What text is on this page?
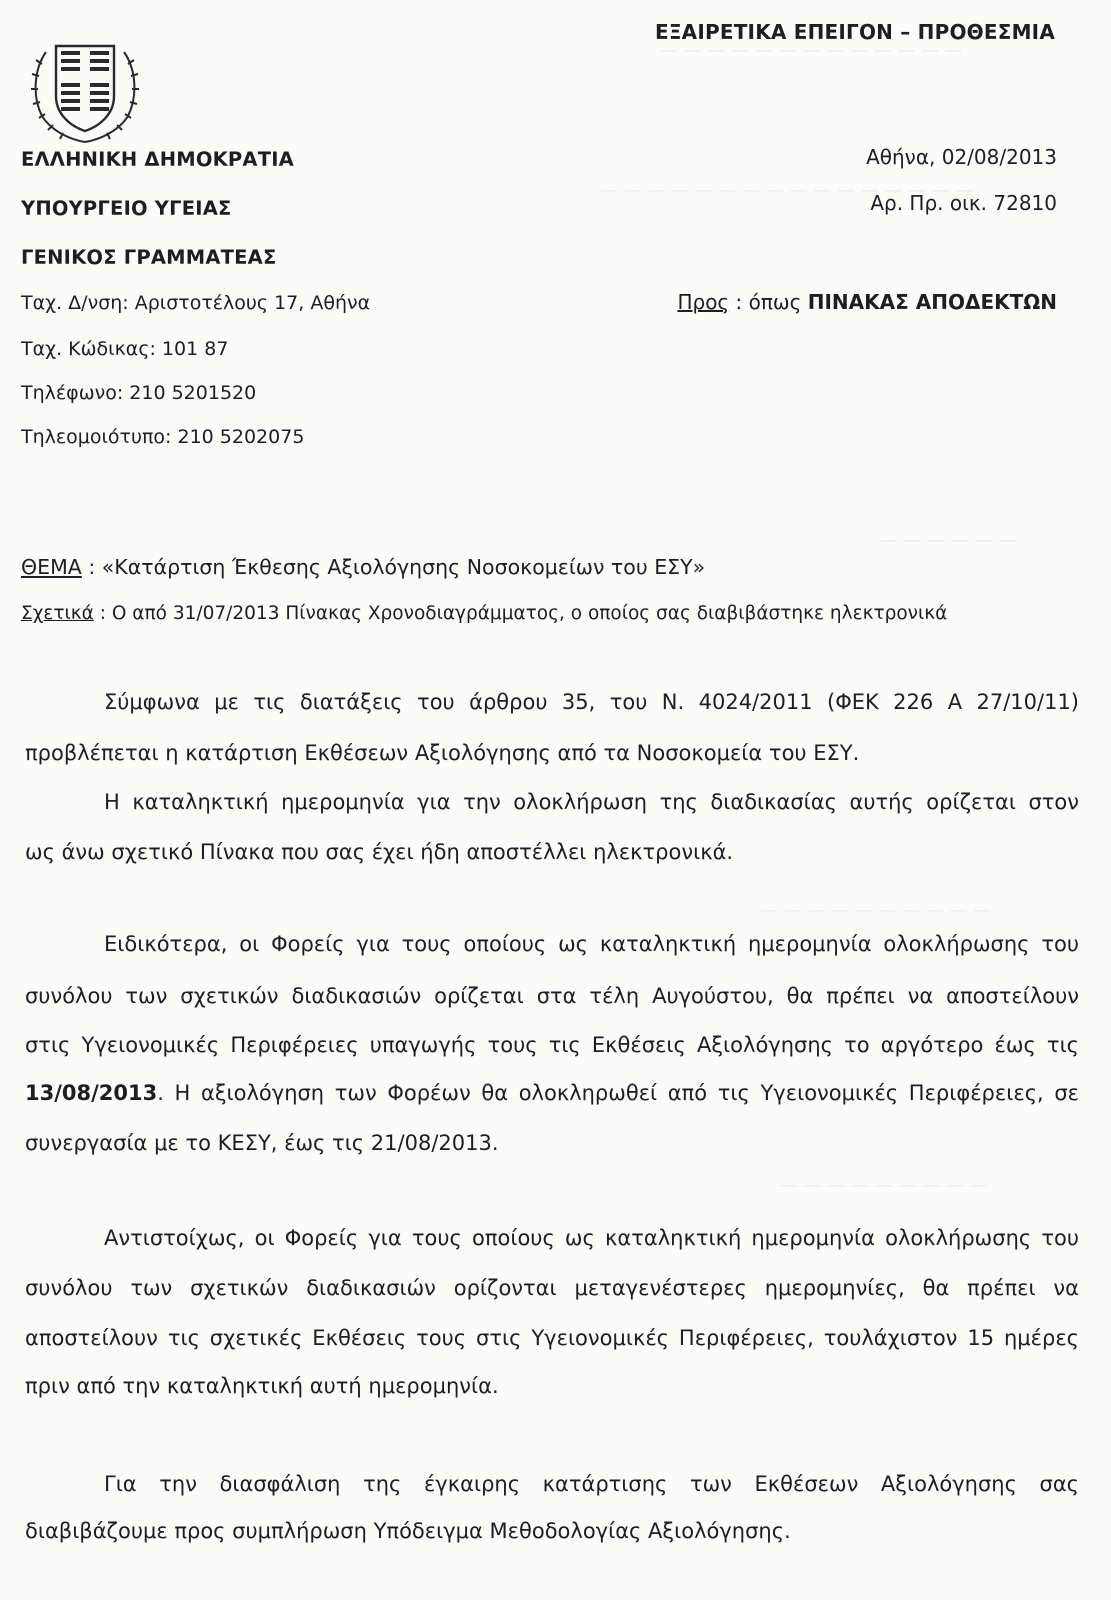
— — — — — — — — — — — — —
— — — — — — — — — — — — — — — —
— — — — — —
— — — — — — — — — —
— — — — — — — — —
ΕΞΑΙΡΕΤΙΚΑ ΕΠΕΙΓΟΝ – ΠΡΟΘΕΣΜΙΑ
ΕΛΛΗΝΙΚΗ ΔΗΜΟΚΡΑΤΙΑ
ΥΠΟΥΡΓΕΙΟ ΥΓΕΙΑΣ
ΓΕΝΙΚΟΣ ΓΡΑΜΜΑΤΕΑΣ
Ταχ. Δ/νση: Αριστοτέλους 17, Αθήνα
Ταχ. Κώδικας: 101 87
Τηλέφωνο: 210 5201520
Τηλεομοιότυπο: 210 5202075
Αθήνα, 02/08/2013
Αρ. Πρ. οικ. 72810
Προς : όπως ΠΙΝΑΚΑΣ ΑΠΟΔΕΚΤΩΝ
ΘΕΜΑ : «Κατάρτιση Έκθεσης Αξιολόγησης Νοσοκομείων του ΕΣΥ»
Σχετικά : Ο από 31/07/2013 Πίνακας Χρονοδιαγράμματος, ο οποίος σας διαβιβάστηκε ηλεκτρονικά
Σύμφωνα με τις διατάξεις του άρθρου 35, του Ν. 4024/2011 (ΦΕΚ 226 Α 27/10/11)
προβλέπεται η κατάρτιση Εκθέσεων Αξιολόγησης από τα Νοσοκομεία του ΕΣΥ.
Η καταληκτική ημερομηνία για την ολοκλήρωση της διαδικασίας αυτής ορίζεται στον
ως άνω σχετικό Πίνακα που σας έχει ήδη αποστέλλει ηλεκτρονικά.
Ειδικότερα, οι Φορείς για τους οποίους ως καταληκτική ημερομηνία ολοκλήρωσης του
συνόλου των σχετικών διαδικασιών ορίζεται στα τέλη Αυγούστου, θα πρέπει να αποστείλουν
στις Υγειονομικές Περιφέρειες υπαγωγής τους τις Εκθέσεις Αξιολόγησης το αργότερο έως τις
13/08/2013. Η αξιολόγηση των Φορέων θα ολοκληρωθεί από τις Υγειονομικές Περιφέρειες, σε
συνεργασία με το ΚΕΣΥ, έως τις 21/08/2013.
Αντιστοίχως, οι Φορείς για τους οποίους ως καταληκτική ημερομηνία ολοκλήρωσης του
συνόλου των σχετικών διαδικασιών ορίζονται μεταγενέστερες ημερομηνίες, θα πρέπει να
αποστείλουν τις σχετικές Εκθέσεις τους στις Υγειονομικές Περιφέρειες, τουλάχιστον 15 ημέρες
πριν από την καταληκτική αυτή ημερομηνία.
Για την διασφάλιση της έγκαιρης κατάρτισης των Εκθέσεων Αξιολόγησης σας
διαβιβάζουμε προς συμπλήρωση Υπόδειγμα Μεθοδολογίας Αξιολόγησης.
